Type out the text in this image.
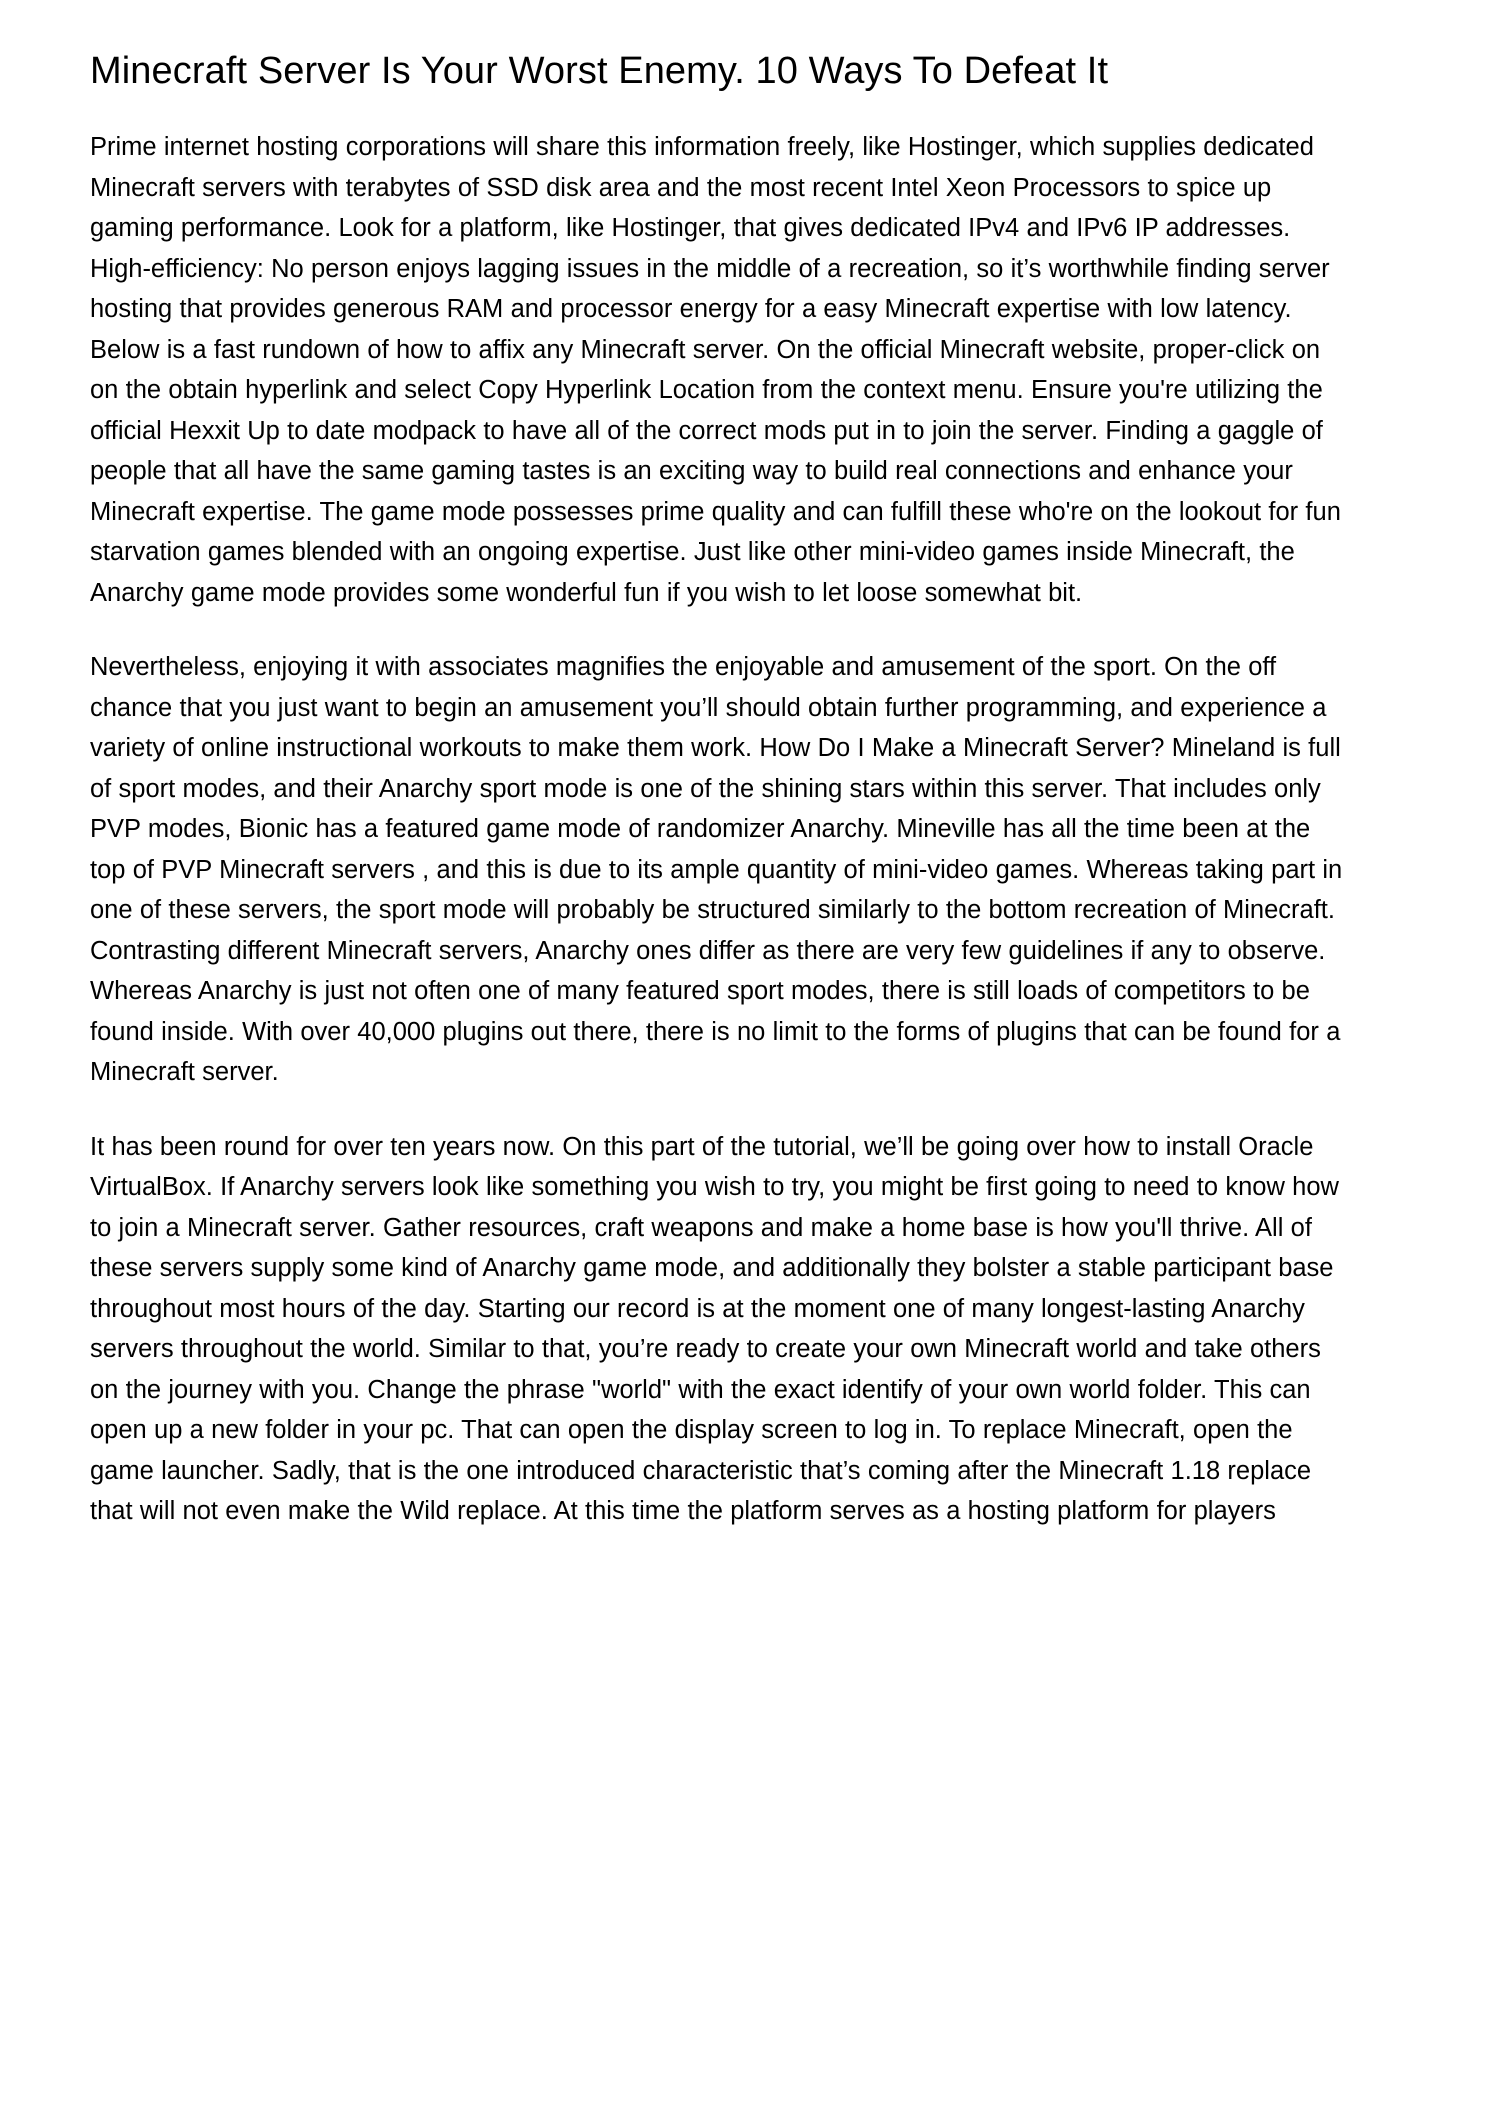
Minecraft Server Is Your Worst Enemy. 10 Ways To Defeat It

Prime internet hosting corporations will share this information freely, like Hostinger, which supplies dedicated Minecraft servers with terabytes of SSD disk area and the most recent Intel Xeon Processors to spice up gaming performance. Look for a platform, like Hostinger, that gives dedicated IPv4 and IPv6 IP addresses. High-efficiency: No person enjoys lagging issues in the middle of a recreation, so it’s worthwhile finding server hosting that provides generous RAM and processor energy for a easy Minecraft expertise with low latency. Below is a fast rundown of how to affix any Minecraft server. On the official Minecraft website, proper-click on on the obtain hyperlink and select Copy Hyperlink Location from the context menu. Ensure you're utilizing the official Hexxit Up to date modpack to have all of the correct mods put in to join the server. Finding a gaggle of people that all have the same gaming tastes is an exciting way to build real connections and enhance your Minecraft expertise. The game mode possesses prime quality and can fulfill these who're on the lookout for fun starvation games blended with an ongoing expertise. Just like other mini-video games inside Minecraft, the Anarchy game mode provides some wonderful fun if you wish to let loose somewhat bit.

Nevertheless, enjoying it with associates magnifies the enjoyable and amusement of the sport. On the off chance that you just want to begin an amusement you’ll should obtain further programming, and experience a variety of online instructional workouts to make them work. How Do I Make a Minecraft Server? Mineland is full of sport modes, and their Anarchy sport mode is one of the shining stars within this server. That includes only PVP modes, Bionic has a featured game mode of randomizer Anarchy. Mineville has all the time been at the top of PVP Minecraft servers , and this is due to its ample quantity of mini-video games. Whereas taking part in one of these servers, the sport mode will probably be structured similarly to the bottom recreation of Minecraft. Contrasting different Minecraft servers, Anarchy ones differ as there are very few guidelines if any to observe. Whereas Anarchy is just not often one of many featured sport modes, there is still loads of competitors to be found inside. With over 40,000 plugins out there, there is no limit to the forms of plugins that can be found for a Minecraft server.

It has been round for over ten years now. On this part of the tutorial, we’ll be going over how to install Oracle VirtualBox. If Anarchy servers look like something you wish to try, you might be first going to need to know how to join a Minecraft server. Gather resources, craft weapons and make a home base is how you'll thrive. All of these servers supply some kind of Anarchy game mode, and additionally they bolster a stable participant base throughout most hours of the day. Starting our record is at the moment one of many longest-lasting Anarchy servers throughout the world. Similar to that, you’re ready to create your own Minecraft world and take others on the journey with you. Change the phrase "world" with the exact identify of your own world folder. This can open up a new folder in your pc. That can open the display screen to log in. To replace Minecraft, open the game launcher. Sadly, that is the one introduced characteristic that’s coming after the Minecraft 1.18 replace that will not even make the Wild replace. At this time the platform serves as a hosting platform for players
